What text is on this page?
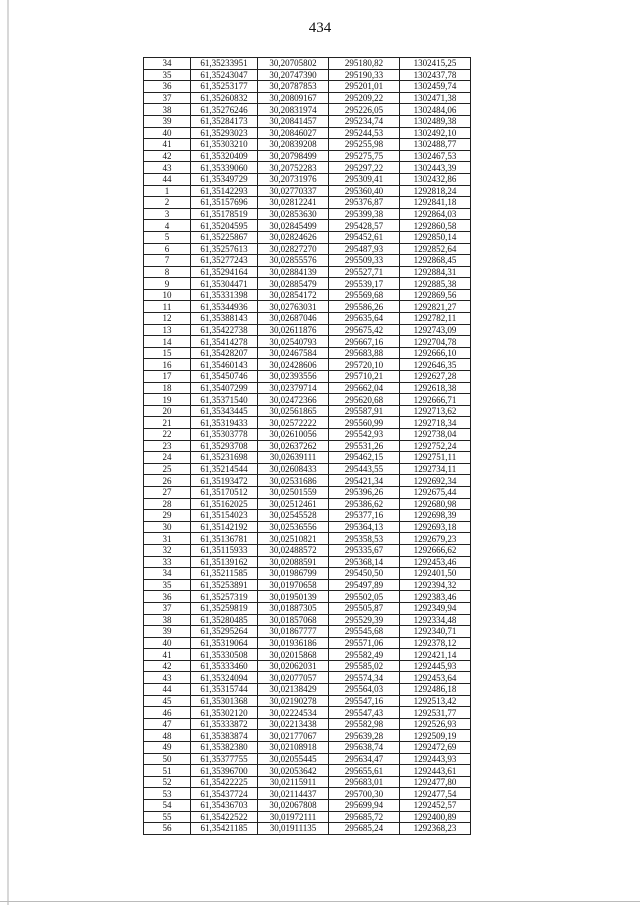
434
34	61,35233951	30,20705802	295180,82	1302415,25
35	61,35243047	30,20747390	295190,33	1302437,78
36	61,35253177	30,20787853	295201,01	1302459,74
37	61,35260832	30,20809167	295209,22	1302471,38
38	61,35276246	30,20831974	295226,05	1302484,06
39	61,35284173	30,20841457	295234,74	1302489,38
40	61,35293023	30,20846027	295244,53	1302492,10
41	61,35303210	30,20839208	295255,98	1302488,77
42	61,35320409	30,20798499	295275,75	1302467,53
43	61,35339060	30,20752283	295297,22	1302443,39
44	61,35349729	30,20731976	295309,41	1302432,86
1	61,35142293	30,02770337	295360,40	1292818,24
2	61,35157696	30,02812241	295376,87	1292841,18
3	61,35178519	30,02853630	295399,38	1292864,03
4	61,35204595	30,02845499	295428,57	1292860,58
5	61,35225867	30,02824626	295452,61	1292850,14
6	61,35257613	30,02827270	295487,93	1292852,64
7	61,35277243	30,02855576	295509,33	1292868,45
8	61,35294164	30,02884139	295527,71	1292884,31
9	61,35304471	30,02885479	295539,17	1292885,38
10	61,35331398	30,02854172	295569,68	1292869,56
11	61,35344936	30,02763031	295586,26	1292821,27
12	61,35388143	30,02687046	295635,64	1292782,11
13	61,35422738	30,02611876	295675,42	1292743,09
14	61,35414278	30,02540793	295667,16	1292704,78
15	61,35428207	30,02467584	295683,88	1292666,10
16	61,35460143	30,02428606	295720,10	1292646,35
17	61,35450746	30,02393556	295710,21	1292627,28
18	61,35407299	30,02379714	295662,04	1292618,38
19	61,35371540	30,02472366	295620,68	1292666,71
20	61,35343445	30,02561865	295587,91	1292713,62
21	61,35319433	30,02572222	295560,99	1292718,34
22	61,35303778	30,02610056	295542,93	1292738,04
23	61,35293708	30,02637262	295531,26	1292752,24
24	61,35231698	30,02639111	295462,15	1292751,11
25	61,35214544	30,02608433	295443,55	1292734,11
26	61,35193472	30,02531686	295421,34	1292692,34
27	61,35170512	30,02501559	295396,26	1292675,44
28	61,35162025	30,02512461	295386,62	1292680,98
29	61,35154023	30,02545528	295377,16	1292698,39
30	61,35142192	30,02536556	295364,13	1292693,18
31	61,35136781	30,02510821	295358,53	1292679,23
32	61,35115933	30,02488572	295335,67	1292666,62
33	61,35139162	30,02088591	295368,14	1292453,46
34	61,35211585	30,01986799	295450,50	1292401,50
35	61,35253891	30,01970658	295497,89	1292394,32
36	61,35257319	30,01950139	295502,05	1292383,46
37	61,35259819	30,01887305	295505,87	1292349,94
38	61,35280485	30,01857068	295529,39	1292334,48
39	61,35295264	30,01867777	295545,68	1292340,71
40	61,35319064	30,01936186	295571,06	1292378,12
41	61,35330508	30,02015868	295582,49	1292421,14
42	61,35333460	30,02062031	295585,02	1292445,93
43	61,35324094	30,02077057	295574,34	1292453,64
44	61,35315744	30,02138429	295564,03	1292486,18
45	61,35301368	30,02190278	295547,16	1292513,42
46	61,35302120	30,02224534	295547,43	1292531,77
47	61,35333872	30,02213438	295582,98	1292526,93
48	61,35383874	30,02177067	295639,28	1292509,19
49	61,35382380	30,02108918	295638,74	1292472,69
50	61,35377755	30,02055445	295634,47	1292443,93
51	61,35396700	30,02053642	295655,61	1292443,61
52	61,35422225	30,02115911	295683,01	1292477,80
53	61,35437724	30,02114437	295700,30	1292477,54
54	61,35436703	30,02067808	295699,94	1292452,57
55	61,35422522	30,01972111	295685,72	1292400,89
56	61,35421185	30,01911135	295685,24	1292368,23
